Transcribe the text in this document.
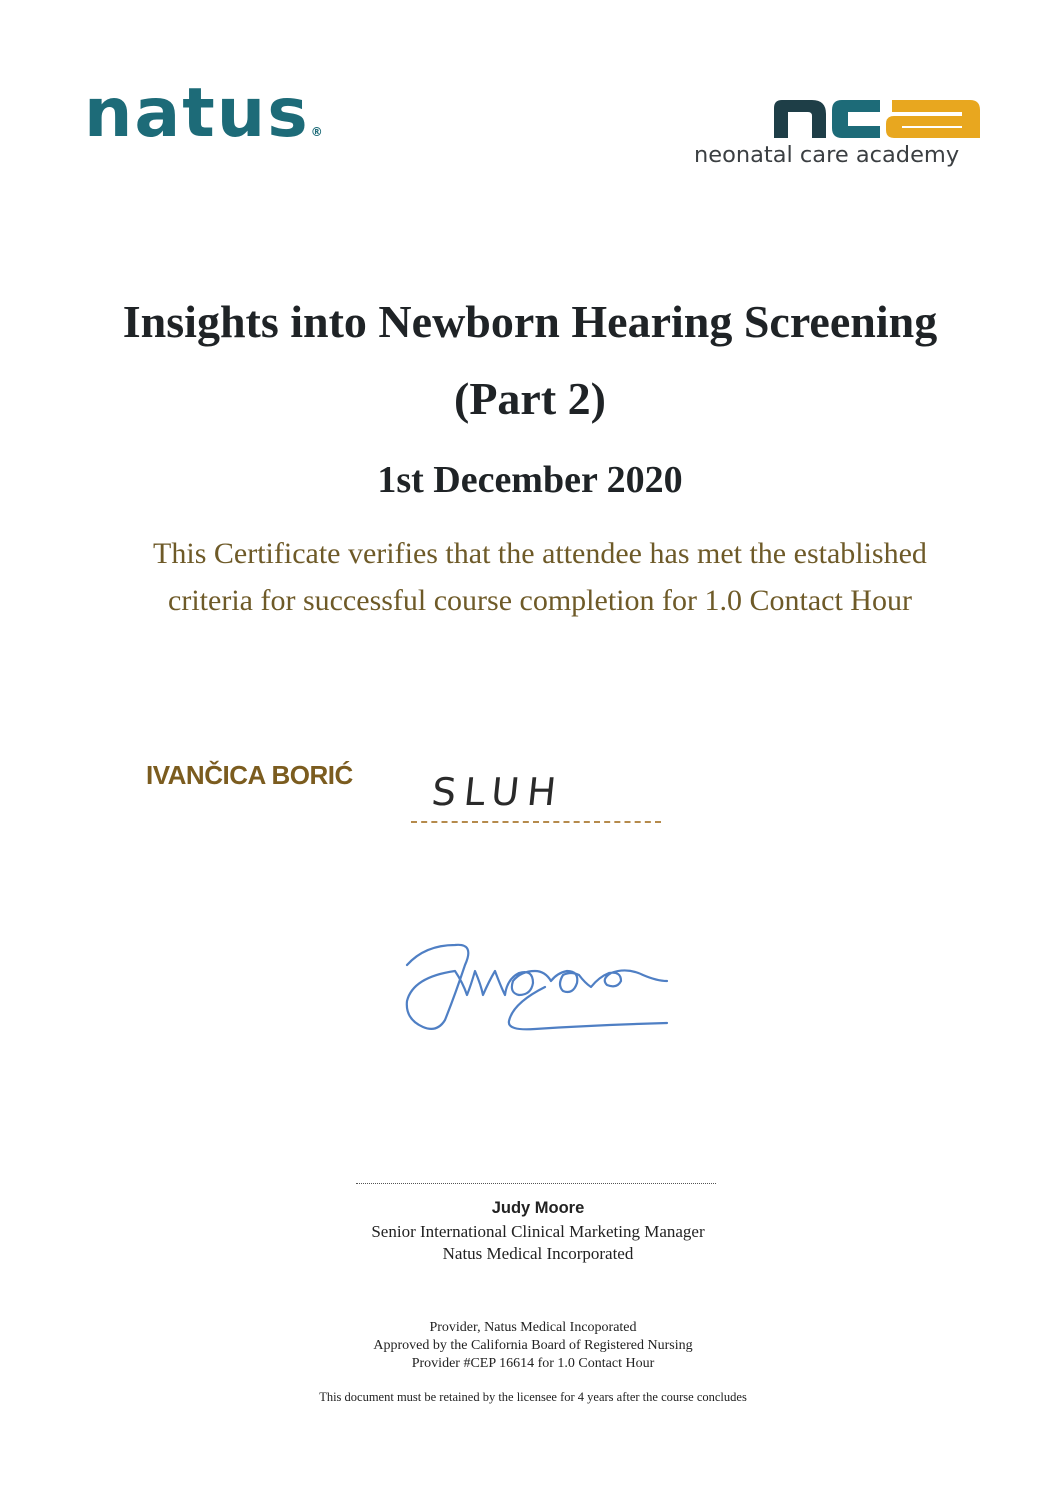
natus®
nca
neonatal care academy
Insights into Newborn Hearing Screening
(Part 2)
1st December 2020

This Certificate verifies that the attendee has met the established

criteria for successful course completion for 1.0 Contact Hour

IVANČICA BORIĆ SLUH

Judy Moore

Senior International Clinical Marketing Manager

Natus Medical Incorporated

Provider, Natus Medical Incoporated

Approved by the California Board of Registered Nursing

Provider #CEP 16614 for 1.0 Contact Hour

This document must be retained by the licensee for 4 years after the course concludes
